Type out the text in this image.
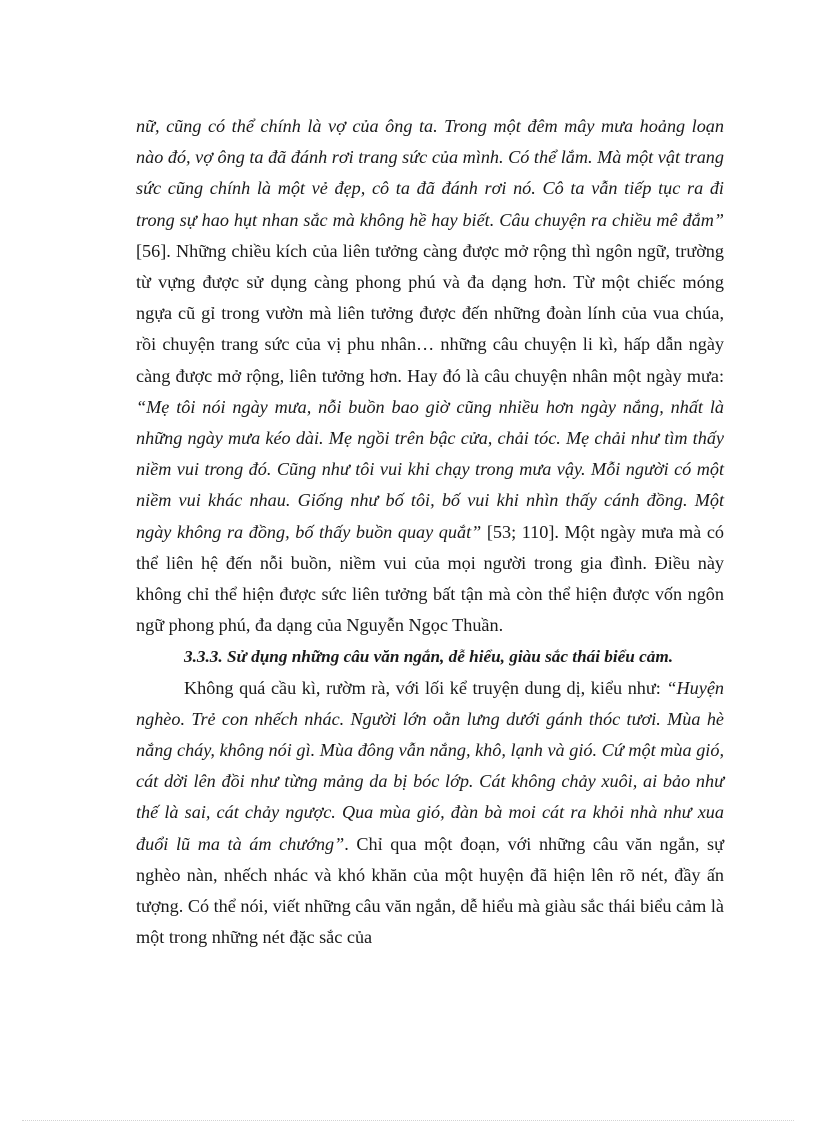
nữ, cũng có thể chính là vợ của ông ta. Trong một đêm mây mưa hoảng loạn nào đó, vợ ông ta đã đánh rơi trang sức của mình. Có thể lắm. Mà một vật trang sức cũng chính là một vẻ đẹp, cô ta đã đánh rơi nó. Cô ta vẫn tiếp tục ra đi trong sự hao hụt nhan sắc mà không hề hay biết. Câu chuyện ra chiều mê đắm” [56]. Những chiều kích của liên tưởng càng được mở rộng thì ngôn ngữ, trường từ vựng được sử dụng càng phong phú và đa dạng hơn. Từ một chiếc móng ngựa cũ gỉ trong vườn mà liên tưởng được đến những đoàn lính của vua chúa, rồi chuyện trang sức của vị phu nhân… những câu chuyện li kì, hấp dẫn ngày càng được mở rộng, liên tưởng hơn. Hay đó là câu chuyện nhân một ngày mưa: “Mẹ tôi nói ngày mưa, nỗi buồn bao giờ cũng nhiều hơn ngày nắng, nhất là những ngày mưa kéo dài. Mẹ ngồi trên bậc cửa, chải tóc. Mẹ chải như tìm thấy niềm vui trong đó. Cũng như tôi vui khi chạy trong mưa vậy. Mỗi người có một niềm vui khác nhau. Giống như bố tôi, bố vui khi nhìn thấy cánh đồng. Một ngày không ra đồng, bố thấy buồn quay quắt” [53; 110]. Một ngày mưa mà có thể liên hệ đến nỗi buồn, niềm vui của mọi người trong gia đình. Điều này không chỉ thể hiện được sức liên tưởng bất tận mà còn thể hiện được vốn ngôn ngữ phong phú, đa dạng của Nguyễn Ngọc Thuần.

3.3.3. Sử dụng những câu văn ngắn, dễ hiểu, giàu sắc thái biểu cảm.

Không quá cầu kì, rườm rà, với lối kể truyện dung dị, kiểu như: “Huyện nghèo. Trẻ con nhếch nhác. Người lớn oằn lưng dưới gánh thóc tươi. Mùa hè nắng cháy, không nói gì. Mùa đông vẫn nắng, khô, lạnh và gió. Cứ một mùa gió, cát dời lên đồi như từng mảng da bị bóc lớp. Cát không chảy xuôi, ai bảo như thế là sai, cát chảy ngược. Qua mùa gió, đàn bà moi cát ra khỏi nhà như xua đuổi lũ ma tà ám chướng”. Chỉ qua một đoạn, với những câu văn ngắn, sự nghèo nàn, nhếch nhác và khó khăn của một huyện đã hiện lên rõ nét, đầy ấn tượng. Có thể nói, viết những câu văn ngắn, dễ hiểu mà giàu sắc thái biểu cảm là một trong những nét đặc sắc của
